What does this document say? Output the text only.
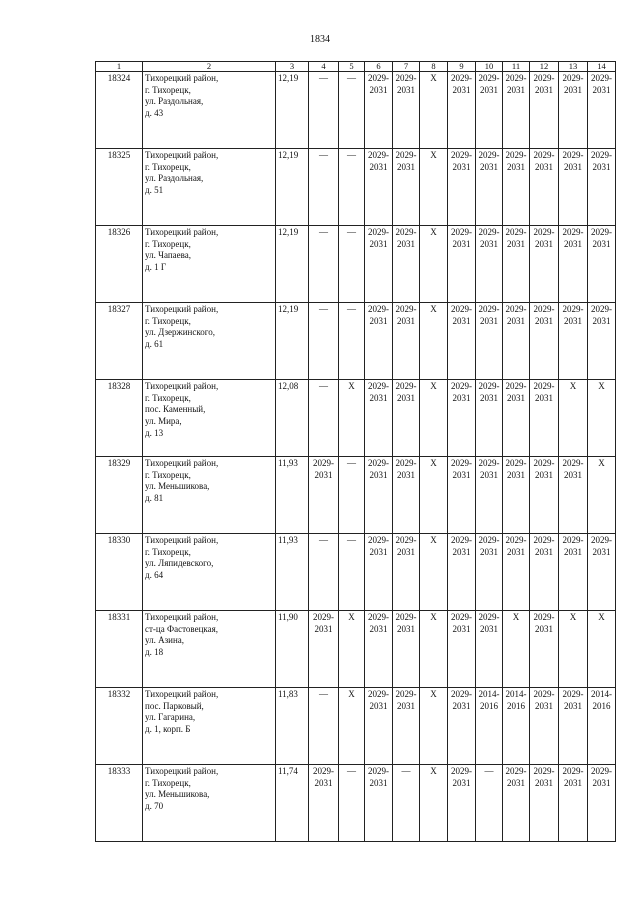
1834
1	2	3	4	5	6	7	8	9	10	11	12	13	14
18324	Тихорецкий район,
г. Тихорецк,
ул. Раздольная,
д. 43	12,19	—	—	2029-
2031	2029-
2031	X	2029-
2031	2029-
2031	2029-
2031	2029-
2031	2029-
2031	2029-
2031
18325	Тихорецкий район,
г. Тихорецк,
ул. Раздольная,
д. 51	12,19	—	—	2029-
2031	2029-
2031	X	2029-
2031	2029-
2031	2029-
2031	2029-
2031	2029-
2031	2029-
2031
18326	Тихорецкий район,
г. Тихорецк,
ул. Чапаева,
д. 1 Г	12,19	—	—	2029-
2031	2029-
2031	X	2029-
2031	2029-
2031	2029-
2031	2029-
2031	2029-
2031	2029-
2031
18327	Тихорецкий район,
г. Тихорецк,
ул. Дзержинского,
д. 61	12,19	—	—	2029-
2031	2029-
2031	X	2029-
2031	2029-
2031	2029-
2031	2029-
2031	2029-
2031	2029-
2031
18328	Тихорецкий район,
г. Тихорецк,
пос. Каменный,
ул. Мира,
д. 13	12,08	—	X	2029-
2031	2029-
2031	X	2029-
2031	2029-
2031	2029-
2031	2029-
2031	X	X
18329	Тихорецкий район,
г. Тихорецк,
ул. Меньшикова,
д. 81	11,93	2029-
2031	—	2029-
2031	2029-
2031	X	2029-
2031	2029-
2031	2029-
2031	2029-
2031	2029-
2031	X
18330	Тихорецкий район,
г. Тихорецк,
ул. Ляпидевского,
д. 64	11,93	—	—	2029-
2031	2029-
2031	X	2029-
2031	2029-
2031	2029-
2031	2029-
2031	2029-
2031	2029-
2031
18331	Тихорецкий район,
ст-ца Фастовецкая,
ул. Азина,
д. 18	11,90	2029-
2031	X	2029-
2031	2029-
2031	X	2029-
2031	2029-
2031	X	2029-
2031	X	X
18332	Тихорецкий район,
пос. Парковый,
ул. Гагарина,
д. 1, корп. Б	11,83	—	X	2029-
2031	2029-
2031	X	2029-
2031	2014-
2016	2014-
2016	2029-
2031	2029-
2031	2014-
2016
18333	Тихорецкий район,
г. Тихорецк,
ул. Меньшикова,
д. 70	11,74	2029-
2031	—	2029-
2031	—	X	2029-
2031	—	2029-
2031	2029-
2031	2029-
2031	2029-
2031
